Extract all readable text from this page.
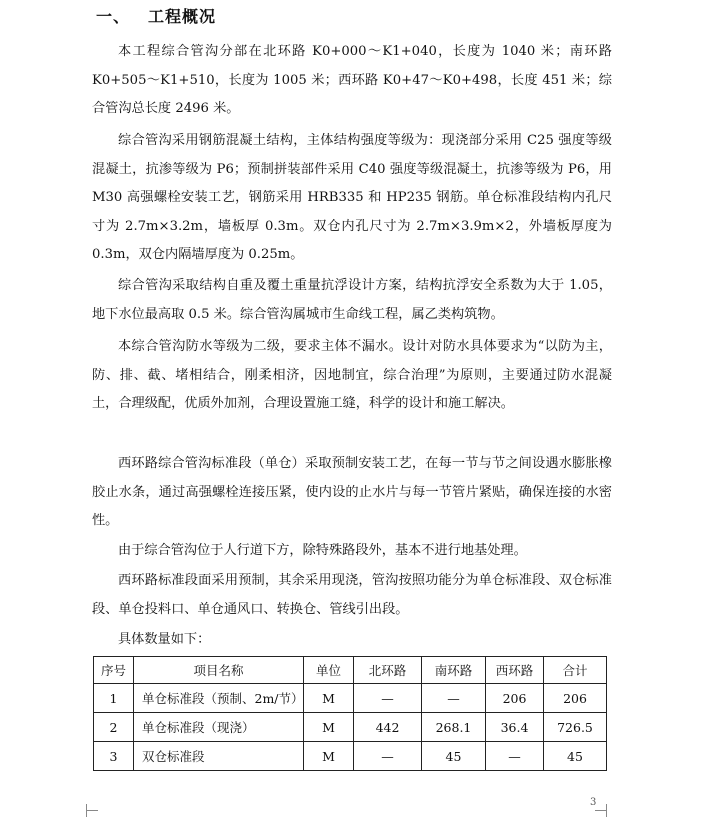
一、	工程概况

本工程综合管沟分部在北环路 K0+000～K1+040，长度为 1040 米；南环路 K0+505～K1+510，长度为 1005 米；西环路 K0+47～K0+498，长度 451 米；综合管沟总长度 2496 米。

综合管沟采用钢筋混凝土结构，主体结构强度等级为：现浇部分采用 C25 强度等级混凝土，抗渗等级为 P6；预制拼装部件采用 C40 强度等级混凝土，抗渗等级为 P6，用 M30 高强螺栓安装工艺，钢筋采用 HRB335 和 HP235 钢筋。单仓标准段结构内孔尺寸为 2.7m×3.2m，墙板厚 0.3m。双仓内孔尺寸为 2.7m×3.9m×2，外墙板厚度为 0.3m，双仓内隔墙厚度为 0.25m。

综合管沟采取结构自重及覆土重量抗浮设计方案，结构抗浮安全系数为大于 1.05，地下水位最高取 0.5 米。综合管沟属城市生命线工程，属乙类构筑物。

本综合管沟防水等级为二级，要求主体不漏水。设计对防水具体要求为“以防为主，防、排、截、堵相结合，刚柔相济，因地制宜，综合治理”为原则，主要通过防水混凝土，合理级配，优质外加剂，合理设置施工缝，科学的设计和施工解决。

西环路综合管沟标准段（单仓）采取预制安装工艺，在每一节与节之间设遇水膨胀橡胶止水条，通过高强螺栓连接压紧，使内设的止水片与每一节管片紧贴，确保连接的水密性。

由于综合管沟位于人行道下方，除特殊路段外，基本不进行地基处理。

西环路标准段面采用预制，其余采用现浇，管沟按照功能分为单仓标准段、双仓标准段、单仓投料口、单仓通风口、转换仓、管线引出段。

具体数量如下：

序号	项目名称	单位	北环路	南环路	西环路	合计
1	单仓标准段（预制、2m/节）	M	—	—	206	206
2	单仓标准段（现浇）	M	442	268.1	36.4	726.5
3	双仓标准段	M	—	45	—	45
3
